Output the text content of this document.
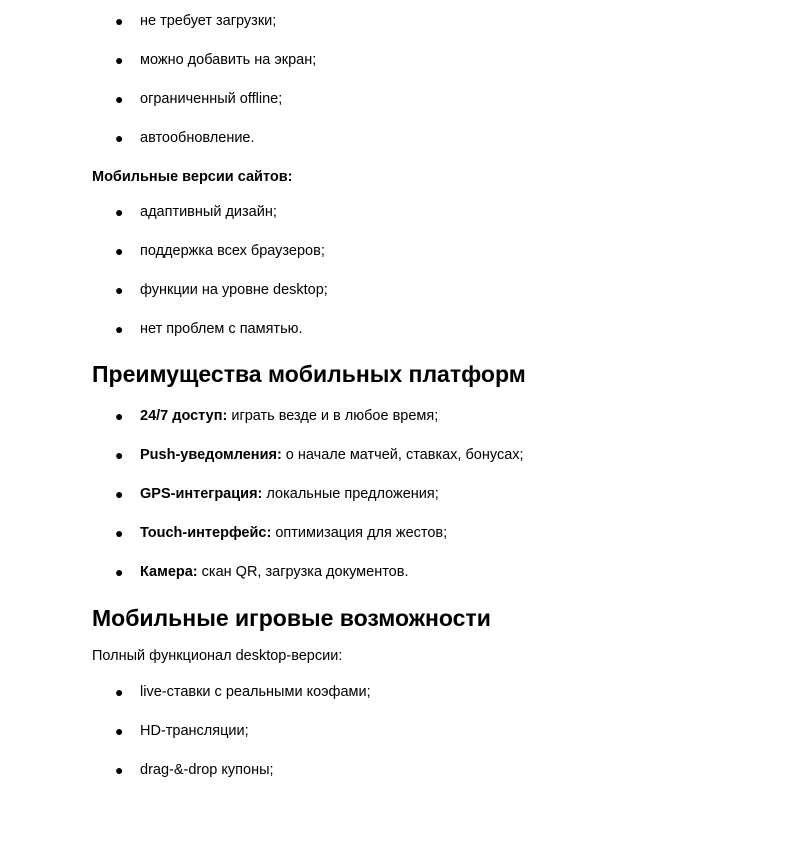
● не требует загрузки;
● можно добавить на экран;
● ограниченный offline;
● автообновление.

Мобильные версии сайтов:

● адаптивный дизайн;
● поддержка всех браузеров;
● функции на уровне desktop;
● нет проблем с памятью.
Преимущества мобильных платформ
● 24/7 доступ: играть везде и в любое время;
● Push-уведомления: о начале матчей, ставках, бонусах;
● GPS-интеграция: локальные предложения;
● Touch-интерфейс: оптимизация для жестов;
● Камера: скан QR, загрузка документов.
Мобильные игровые возможности

Полный функционал desktop-версии:

● live-ставки с реальными коэфами;
● HD-трансляции;
● drag-&-drop купоны;
